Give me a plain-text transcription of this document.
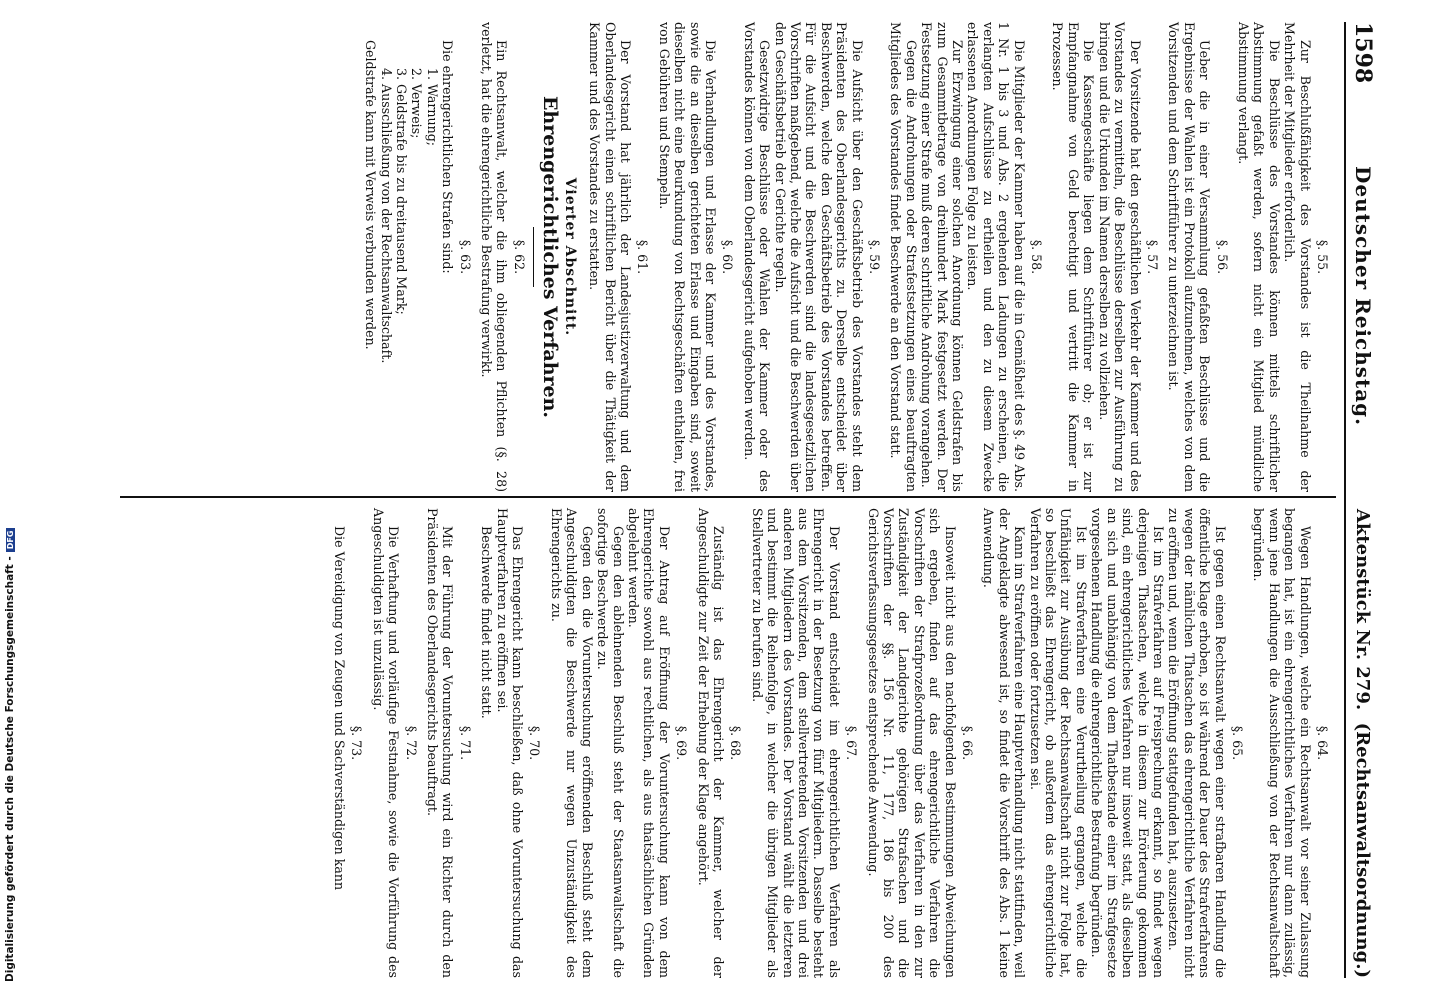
1598
Deutscher Reichstag.
Aktenstück Nr. 279.  (Rechtsanwaltsordnung.)
§. 55.

Zur Beschlußfähigkeit des Vorstandes ist die Theilnahme der Mehrheit der Mitglieder erforderlich.

Die Beschlüsse des Vorstandes können mittels schriftlicher Abstimmung gefaßt werden, sofern nicht ein Mitglied mündliche Abstimmung verlangt.

§. 56.

Ueber die in einer Versammlung gefaßten Beschlüsse und die Ergebnisse der Wahlen ist ein Protokoll aufzunehmen, welches von dem Vorsitzenden und dem Schriftführer zu unterzeichnen ist.

§. 57.

Der Vorsitzende hat den geschäftlichen Verkehr der Kammer und des Vorstandes zu vermitteln, die Beschlüsse derselben zur Ausführung zu bringen und die Urkunden im Namen derselben zu vollziehen.

Die Kassengeschäfte liegen dem Schriftführer ob; er ist zur Empfangnahme von Geld berechtigt und vertritt die Kammer in Prozessen.

§. 58.

Die Mitglieder der Kammer haben auf die in Gemäßheit des §. 49 Abs. 1 Nr. 1 bis 3 und Abs. 2 ergehenden Ladungen zu erscheinen, die verlangten Aufschlüsse zu ertheilen und den zu diesem Zwecke erlassenen Anordnungen Folge zu leisten.

Zur Erzwingung einer solchen Anordnung können Geldstrafen bis zum Gesammtbetrage von dreihundert Mark festgesetzt werden. Der Festsetzung einer Strafe muß deren schriftliche Androhung vorangehen.

Gegen die Androhungen oder Strafestsetzungen eines beauftragten Mitgliedes des Vorstandes findet Beschwerde an den Vorstand statt.

§. 59.

Die Aufsicht über den Geschäftsbetrieb des Vorstandes steht dem Präsidenten des Oberlandesgerichts zu. Derselbe entscheidet über Beschwerden, welche den Geschäftsbetrieb des Vorstandes betreffen. Für die Aufsicht und die Beschwerden sind die landesgesetzlichen Vorschriften maßgebend, welche die Aufsicht und die Beschwerden über den Geschäftsbetrieb der Gerichte regeln.

Gesetzwidrige Beschlüsse oder Wahlen der Kammer oder des Vorstandes können von dem Oberlandesgericht aufgehoben werden.

§. 60.

Die Verhandlungen und Erlasse der Kammer und des Vorstandes, sowie die an dieselben gerichteten Erlasse und Eingaben sind, soweit dieselben nicht eine Beurkundung von Rechtsgeschäften enthalten, frei von Gebühren und Stempeln.

§. 61.

Der Vorstand hat jährlich der Landesjustizverwaltung und dem Oberlandesgericht einen schriftlichen Bericht über die Thätigkeit der Kammer und des Vorstandes zu erstatten.

Vierter Abschnitt.
Ehrengerichtliches Verfahren.
§. 62.

Ein Rechtsanwalt, welcher die ihm obliegenden Pflichten (§. 28) verletzt, hat die ehrengerichtliche Bestrafung verwirkt.

§. 63.

Die ehrengerichtlichen Strafen sind:

1. Warnung;
2. Verweis;
3. Geldstrafe bis zu dreitausend Mark;
4. Ausschließung von der Rechtsanwaltschaft.

Geldstrafe kann mit Verweis verbunden werden.

§. 64.

Wegen Handlungen, welche ein Rechtsanwalt vor seiner Zulassung begangen hat, ist ein ehrengerichtliches Verfahren nur dann zulässig, wenn jene Handlungen die Ausschließung von der Rechtsanwaltschaft begründen.

§. 65.

Ist gegen einen Rechtsanwalt wegen einer strafbaren Handlung die öffentliche Klage erhoben, so ist während der Dauer des Strafverfahrens wegen der nämlichen Thatsachen das ehrengerichtliche Verfahren nicht zu eröffnen und, wenn die Eröffnung stattgefunden hat, auszusetzen.

Ist im Strafverfahren auf Freisprechung erkannt, so findet wegen derjenigen Thatsachen, welche in diesem zur Erörterung gekommen sind, ein ehrengerichtliches Verfahren nur insoweit statt, als dieselben an sich und unabhängig von dem Thatbestande einer im Strafgesetze vorgesehenen Handlung die ehrengerichtliche Bestrafung begründen.

Ist im Strafverfahren eine Verurtheilung ergangen, welche die Unfähigkeit zur Ausübung der Rechtsanwaltschaft nicht zur Folge hat, so beschließt das Ehrengericht, ob außerdem das ehrengerichtliche Verfahren zu eröffnen oder fortzusetzen sei.

Kann im Strafverfahren eine Hauptverhandlung nicht stattfinden, weil der Angeklagte abwesend ist, so findet die Vorschrift des Abs. 1 keine Anwendung.

§. 66.

Insoweit nicht aus den nachfolgenden Bestimmungen Abweichungen sich ergeben, finden auf das ehrengerichtliche Verfahren die Vorschriften der Strafprozeßordnung über das Verfahren in den zur Zuständigkeit der Landgerichte gehörigen Strafsachen und die Vorschriften der §§. 156 Nr. 11, 177, 186 bis 200 des Gerichtsverfassungsgesetzes entsprechende Anwendung.

§. 67.

Der Vorstand entscheidet im ehrengerichtlichen Verfahren als Ehrengericht in der Besetzung von fünf Mitgliedern. Dasselbe besteht aus dem Vorsitzenden, dem stellvertretenden Vorsitzenden und drei anderen Mitgliedern des Vorstandes. Der Vorstand wählt die letzteren und bestimmt die Reihenfolge, in welcher die übrigen Mitglieder als Stellvertreter zu berufen sind.

§. 68.

Zuständig ist das Ehrengericht der Kammer, welcher der Angeschuldigte zur Zeit der Erhebung der Klage angehört.

§. 69.

Der Antrag auf Eröffnung der Voruntersuchung kann von dem Ehrengerichte sowohl aus rechtlichen, als aus thatsächlichen Gründen abgelehnt werden.

Gegen den ablehnenden Beschluß steht der Staatsanwaltschaft die sofortige Beschwerde zu.

Gegen den die Voruntersuchung eröffnenden Beschluß steht dem Angeschuldigten die Beschwerde nur wegen Unzuständigkeit des Ehrengerichts zu.

§. 70.

Das Ehrengericht kann beschließen, daß ohne Voruntersuchung das Hauptverfahren zu eröffnen sei.

Beschwerde findet nicht statt.

§. 71.

Mit der Führung der Voruntersuchung wird ein Richter durch den Präsidenten des Oberlandesgerichts beauftragt.

§. 72.

Die Verhaftung und vorläufige Festnahme, sowie die Vorführung des Angeschuldigten ist unzulässig.

§. 73.

Die Vereidigung von Zeugen und Sachverständigen kann

Digitalisierung gefördert durch die Deutsche Forschungsgemeinschaft -DFG
